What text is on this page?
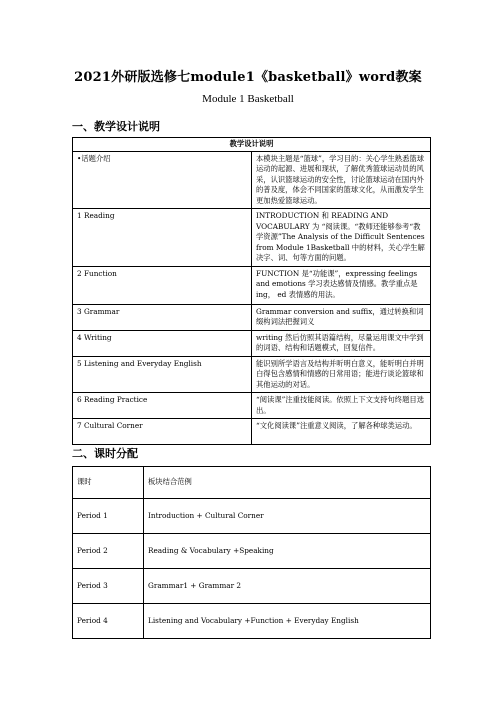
2021外研版选修七module1《basketball》word教案
Module 1 Basketball
一、教学设计说明
教学设计说明	
• 话题介绍	本模块主题是“篮球”，学习目的：关心学生熟悉篮球运动的起源、进展和现状，了解优秀篮球运动员的风采，认识篮球运动的安全性，讨论篮球运动在国内外的普及度，体会不同国家的篮球文化，从而激发学生更加热爱篮球运动。
1 Reading	INTRODUCTION 和 READING AND VOCABULARY 为 “阅读课。“教师还能够参考“教学资源”The Analysis of the Difficult Sentences from Module 1Basketball 中的材料，关心学生解决字、词、句等方面的问题。
2 Function	FUNCTION 是“功能课”，expressing feelings and emotions 学习表达感情及情感。教学重点是 ing， ed 表情感的用法。
3 Grammar	Grammar conversion and suffix，通过转换和词缀构词法把握词义
4 Writing	writing 然后仿照其语篇结构，尽量运用课文中学到的词语、结构和话题模式，回复信件。
5 Listening and Everyday English	能识别所学语言及结构并听明白意义，能听明白并明白得包含感情和情感的日常用语；能进行谈论篮球和其他运动的对话。
6 Reading Practice	“阅读课”注重技能阅读。依照上下文支持句终题目选出。
7 Cultural Corner	“文化阅读课”注重意义阅读，了解各种球类运动。
二、课时分配
课时	板块结合范例
Period 1	Introduction + Cultural Corner
Period 2	Reading & Vocabulary +Speaking
Period 3	Grammar1 + Grammar 2
Period 4	Listening and Vocabulary +Function + Everyday English
